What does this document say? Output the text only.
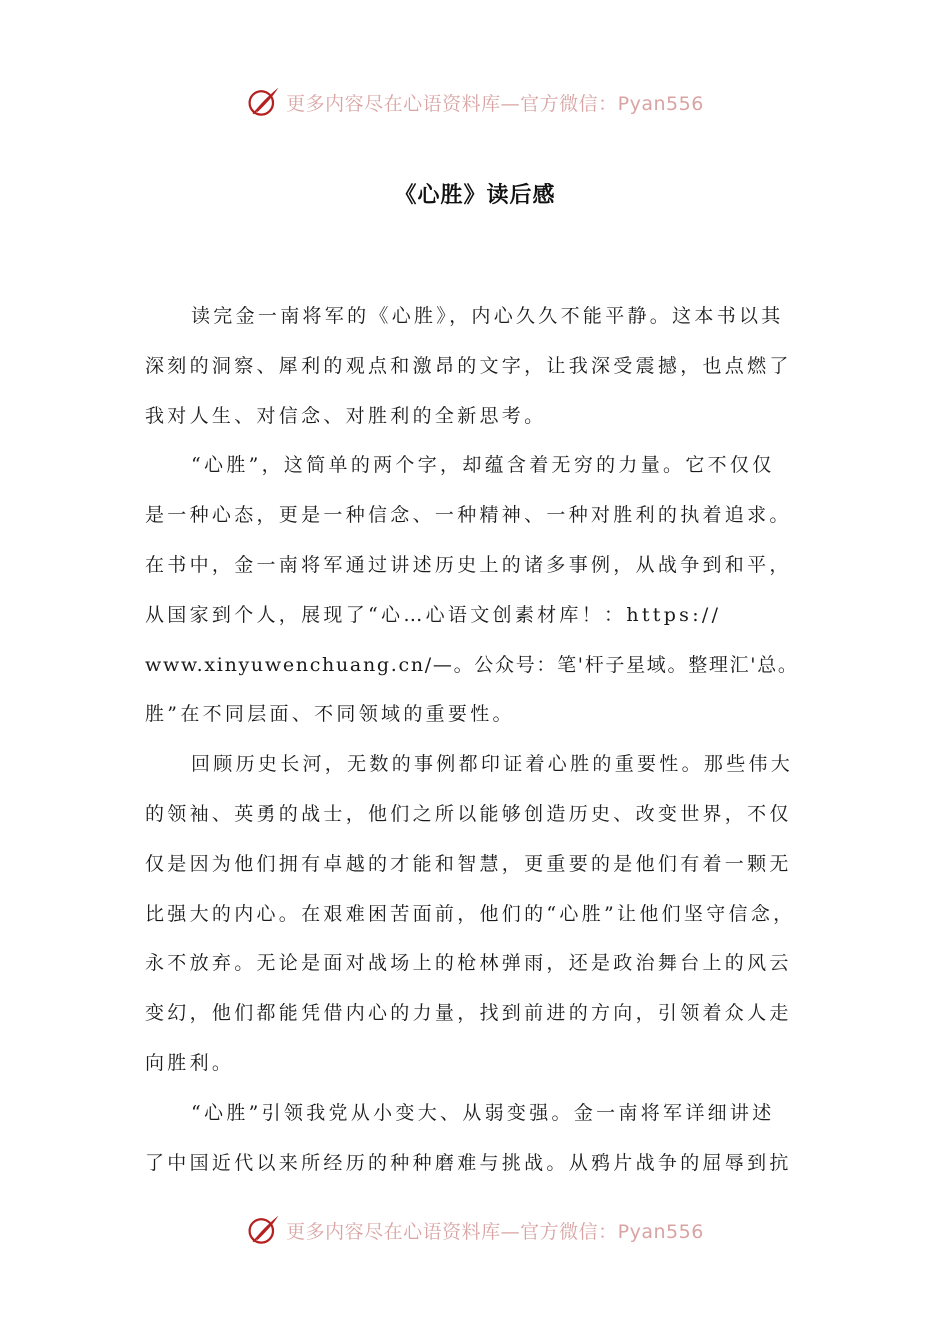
更多内容尽在心语资料库—官方微信：Pyan556
《心胜》读后感
读完金一南将军的《心胜》，内心久久不能平静。这本书以其
深刻的洞察、犀利的观点和激昂的文字，让我深受震撼，也点燃了
我对人生、对信念、对胜利的全新思考。
“心胜”，这简单的两个字，却蕴含着无穷的力量。它不仅仅
是一种心态，更是一种信念、一种精神、一种对胜利的执着追求。
在书中，金一南将军通过讲述历史上的诸多事例，从战争到和平，
从国家到个人，展现了“心…心语文创素材库！：https://
www.xinyuwenchuang.cn/—。公众号：笔'杆子星域。整理汇'总。
胜”在不同层面、不同领域的重要性。
回顾历史长河，无数的事例都印证着心胜的重要性。那些伟大
的领袖、英勇的战士，他们之所以能够创造历史、改变世界，不仅
仅是因为他们拥有卓越的才能和智慧，更重要的是他们有着一颗无
比强大的内心。在艰难困苦面前，他们的“心胜”让他们坚守信念，
永不放弃。无论是面对战场上的枪林弹雨，还是政治舞台上的风云
变幻，他们都能凭借内心的力量，找到前进的方向，引领着众人走
向胜利。
“心胜”引领我党从小变大、从弱变强。金一南将军详细讲述
了中国近代以来所经历的种种磨难与挑战。从鸦片战争的屈辱到抗
更多内容尽在心语资料库—官方微信：Pyan556
